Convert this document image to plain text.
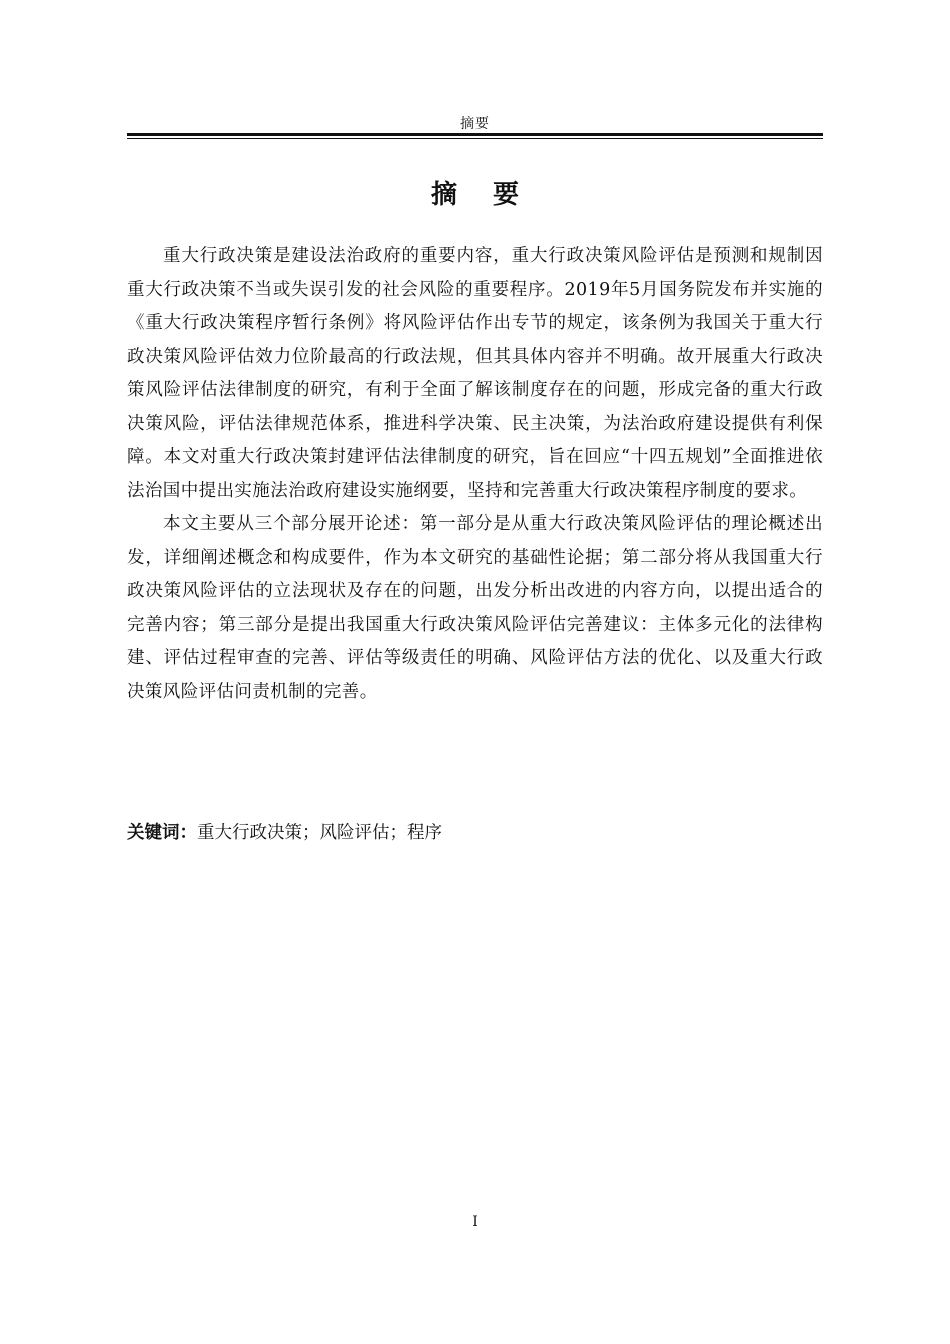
摘要
摘要

重大行政决策是建设法治政府的重要内容，重大行政决策风险评估是预测和规制因重大行政决策不当或失误引发的社会风险的重要程序。2019年5月国务院发布并实施的《重大行政决策程序暂行条例》将风险评估作出专节的规定，该条例为我国关于重大行政决策风险评估效力位阶最高的行政法规，但其具体内容并不明确。故开展重大行政决策风险评估法律制度的研究，有利于全面了解该制度存在的问题，形成完备的重大行政决策风险，评估法律规范体系，推进科学决策、民主决策，为法治政府建设提供有利保障。本文对重大行政决策封建评估法律制度的研究，旨在回应“十四五规划”全面推进依法治国中提出实施法治政府建设实施纲要，坚持和完善重大行政决策程序制度的要求。

本文主要从三个部分展开论述：第一部分是从重大行政决策风险评估的理论概述出发，详细阐述概念和构成要件，作为本文研究的基础性论据；第二部分将从我国重大行政决策风险评估的立法现状及存在的问题，出发分析出改进的内容方向，以提出适合的完善内容；第三部分是提出我国重大行政决策风险评估完善建议：主体多元化的法律构建、评估过程审查的完善、评估等级责任的明确、风险评估方法的优化、以及重大行政决策风险评估问责机制的完善。

关键词：重大行政决策；风险评估；程序
I
